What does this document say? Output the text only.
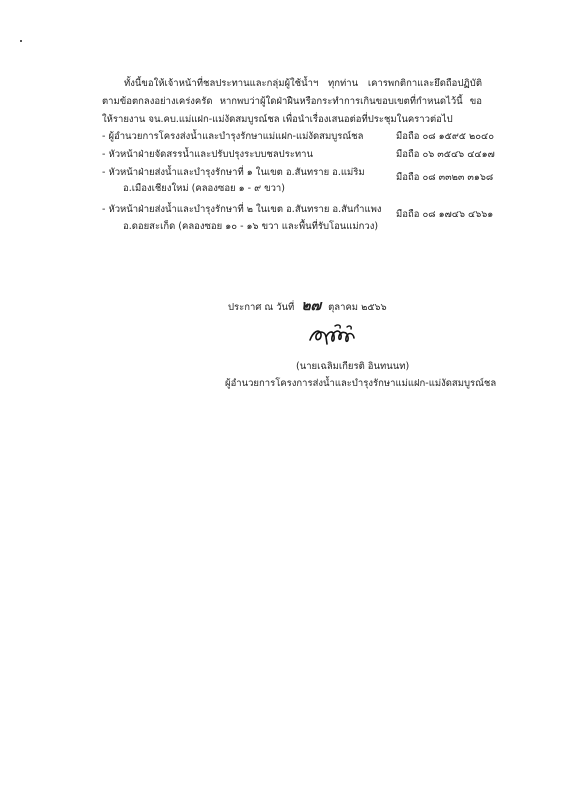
ทั้งนี้ขอให้เจ้าหน้าที่ชลประทานและกลุ่มผู้ใช้น้ำฯ ทุกท่าน เคารพกติกาและยึดถือปฏิบัติตามข้อตกลงอย่างเคร่งครัด หากพบว่าผู้ใดฝ่าฝืนหรือกระทำการเกินขอบเขตที่กำหนดไว้นี้ ขอให้รายงาน จน.คบ.แม่แฝก-แม่งัดสมบูรณ์ชล เพื่อนำเรื่องเสนอต่อที่ประชุมในคราวต่อไป
- ผู้อำนวยการโครงส่งน้ำและบำรุงรักษาแม่แฝก-แม่งัดสมบูรณ์ชล	มือถือ ๐๘ ๑๕๙๕ ๒๐๔๐
- หัวหน้าฝ่ายจัดสรรน้ำและปรับปรุงระบบชลประทาน	มือถือ ๐๖ ๓๕๔๖ ๔๔๑๗
- หัวหน้าฝ่ายส่งน้ำและบำรุงรักษาที่ ๑ ในเขต อ.สันทราย อ.แม่ริม	มือถือ ๐๘ ๓๓๒๓ ๓๑๖๘
อ.เมืองเชียงใหม่ (คลองซอย ๑ - ๙ ขวา)
- หัวหน้าฝ่ายส่งน้ำและบำรุงรักษาที่ ๒ ในเขต อ.สันทราย อ.สันกำแพง	มือถือ ๐๘ ๑๗๔๖ ๔๖๖๑
อ.ดอยสะเก็ด (คลองซอย ๑๐ - ๑๖ ขวา และพื้นที่รับโอนแม่กวง)
ประกาศ ณ วันที่ ๒๗ ตุลาคม ๒๕๖๖
(นายเฉลิมเกียรติ อินทนนท)
ผู้อำนวยการโครงการส่งน้ำและบำรุงรักษาแม่แฝก-แม่งัดสมบูรณ์ชล
